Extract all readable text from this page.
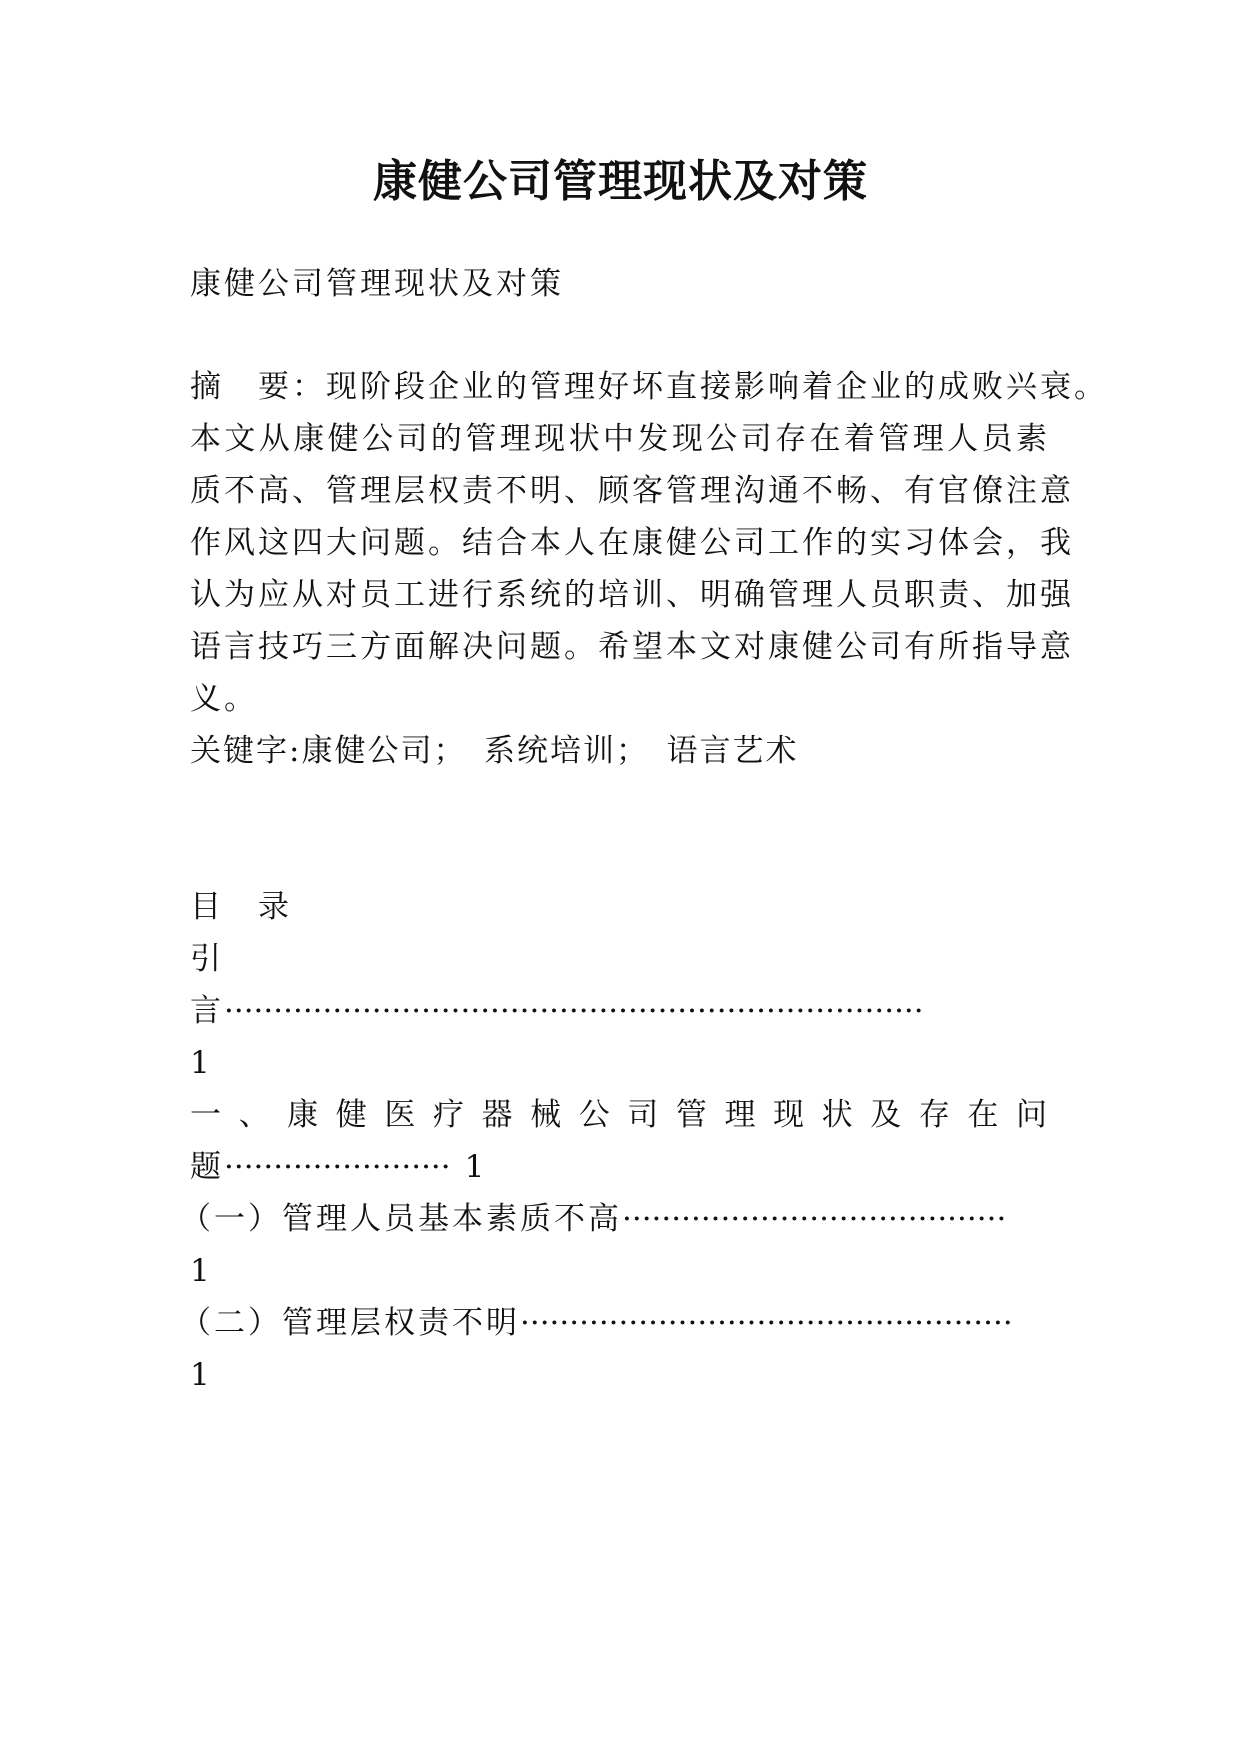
康健公司管理现状及对策
康健公司管理现状及对策
摘　要：现阶段企业的管理好坏直接影响着企业的成败兴衰。
本文从康健公司的管理现状中发现公司存在着管理人员素
质不高、管理层权责不明、顾客管理沟通不畅、有官僚注意
作风这四大问题。结合本人在康健公司工作的实习体会，我
认为应从对员工进行系统的培训、明确管理人员职责、加强
语言技巧三方面解决问题。希望本文对康健公司有所指导意
义。
关键字:康健公司；　系统培训；　语言艺术
目　录
引
言·······································································
1
一、康健医疗器械公司管理现状及存在问
题······················· 1
（一）管理人员基本素质不高·······································
1
（二）管理层权责不明··················································
1
